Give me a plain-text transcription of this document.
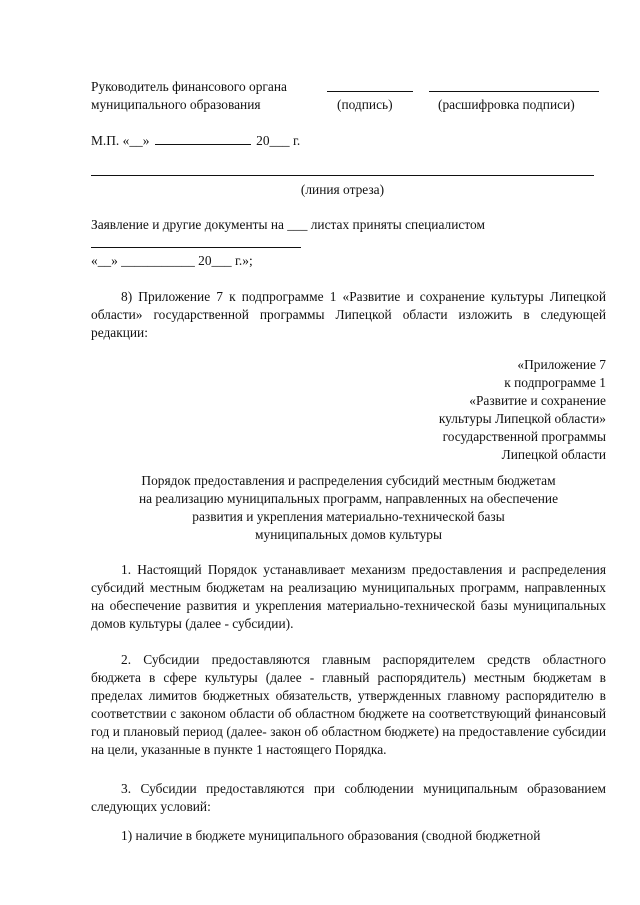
Руководитель финансового органа
муниципального образования	(подпись)	(расшифровка подписи)
М.П. «__»	20___ г.
(линия отреза)
Заявление и другие документы на ___ листах приняты специалистом
«__» ___________ 20___ г.»;
8) Приложение 7 к подпрограмме 1 «Развитие и сохранение культуры Липецкой области» государственной программы Липецкой области изложить в следующей редакции:
«Приложение 7
к подпрограмме 1
«Развитие и сохранение
культуры Липецкой области»
государственной программы
Липецкой области
Порядок предоставления и распределения субсидий местным бюджетам
на реализацию муниципальных программ, направленных на обеспечение
развития и укрепления материально-технической базы
муниципальных домов культуры
1. Настоящий Порядок устанавливает механизм предоставления и распределения субсидий местным бюджетам на реализацию муниципальных программ, направленных на обеспечение развития и укрепления материально-технической базы муниципальных домов культуры (далее - субсидии).
2. Субсидии предоставляются главным распорядителем средств областного бюджета в сфере культуры (далее - главный распорядитель) местным бюджетам в пределах лимитов бюджетных обязательств, утвержденных главному распорядителю в соответствии с законом области об областном бюджете на соответствующий финансовый год и плановый период (далее- закон об областном бюджете) на предоставление субсидии на цели, указанные в пункте 1 настоящего Порядка.
3. Субсидии предоставляются при соблюдении муниципальным образованием следующих условий:
1) наличие в бюджете муниципального образования (сводной бюджетной
